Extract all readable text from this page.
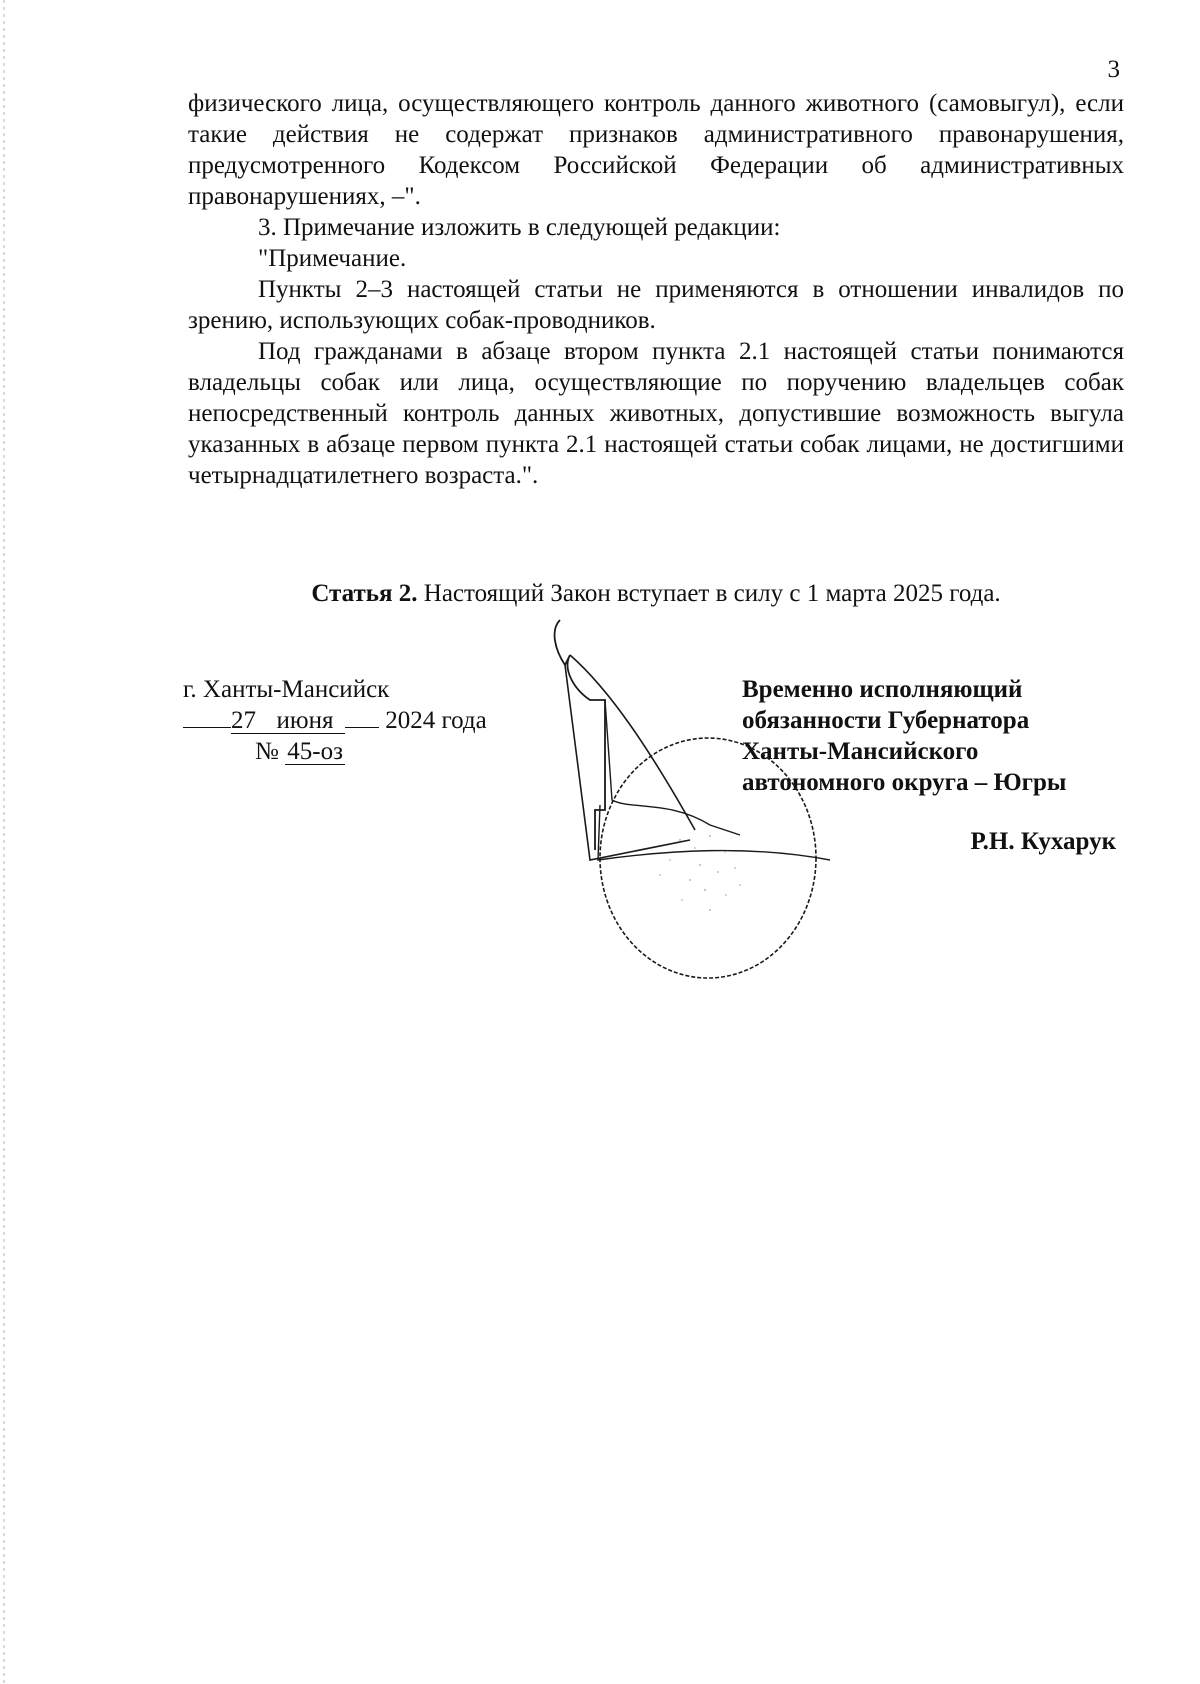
3

физического лица, осуществляющего контроль данного животного (самовыгул), если такие действия не содержат признаков административного правонарушения, предусмотренного Кодексом Российской Федерации об административных правонарушениях, –".

3. Примечание изложить в следующей редакции:

"Примечание.

Пункты 2–3 настоящей статьи не применяются в отношении инвалидов по зрению, использующих собак-проводников.

Под гражданами в абзаце втором пункта 2.1 настоящей статьи понимаются владельцы собак или лица, осуществляющие по поручению владельцев собак непосредственный контроль данных животных, допустившие возможность выгула указанных в абзаце первом пункта 2.1 настоящей статьи собак лицами, не достигшими четырнадцатилетнего возраста.".

Статья 2. Настоящий Закон вступает в силу с 1 марта 2025 года.
г. Ханты-Мансийск
27 июня 2024 года
№ 45-оз
Временно исполняющий
обязанности Губернатора
Ханты-Мансийского
автономного округа – Югры
Р.Н. Кухарук
